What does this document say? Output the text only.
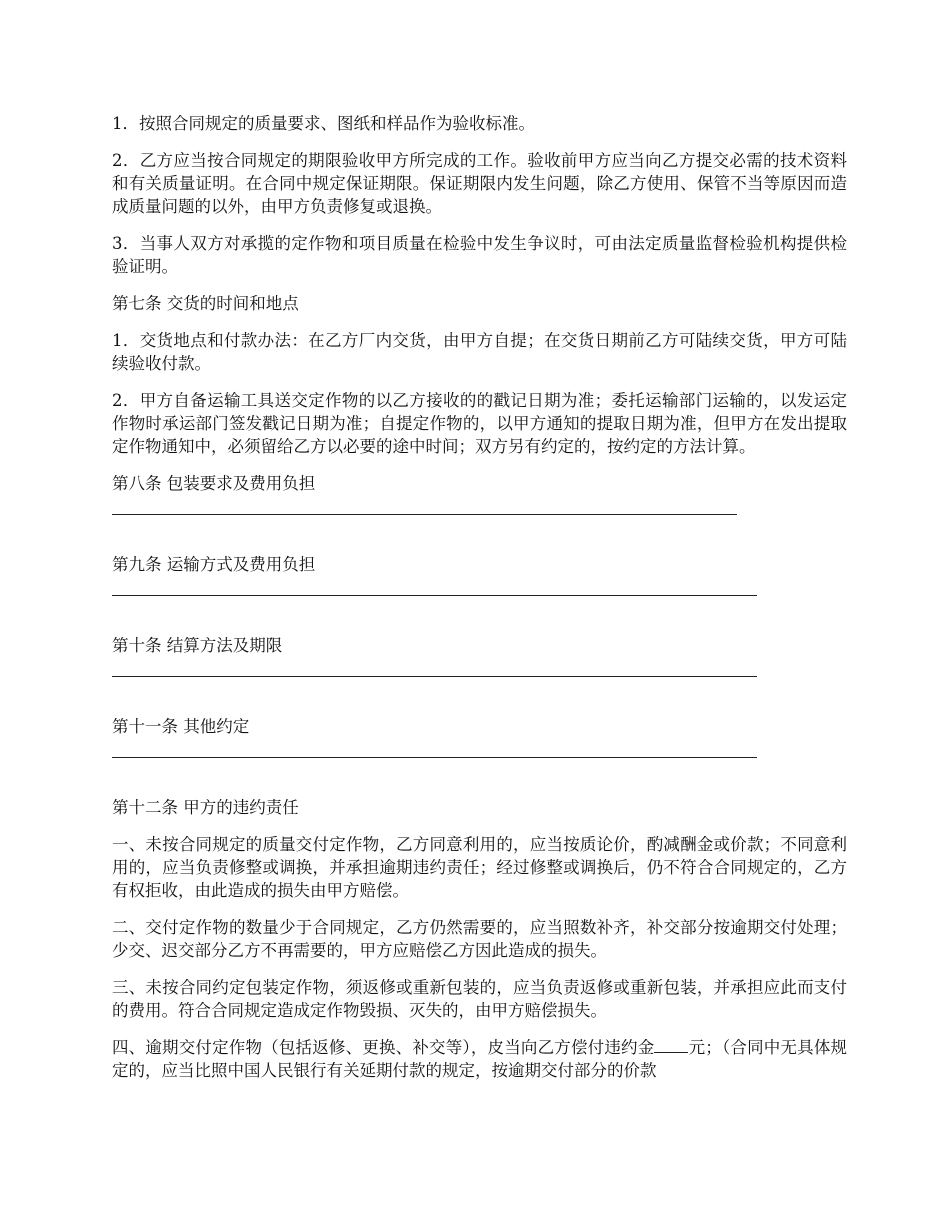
1．按照合同规定的质量要求、图纸和样品作为验收标准。

2．乙方应当按合同规定的期限验收甲方所完成的工作。验收前甲方应当向乙方提交必需的技术资料和有关质量证明。在合同中规定保证期限。保证期限内发生问题，除乙方使用、保管不当等原因而造成质量问题的以外，由甲方负责修复或退换。

3．当事人双方对承揽的定作物和项目质量在检验中发生争议时，可由法定质量监督检验机构提供检验证明。

第七条 交货的时间和地点

1．交货地点和付款办法：在乙方厂内交货，由甲方自提；在交货日期前乙方可陆续交货，甲方可陆续验收付款。

2．甲方自备运输工具送交定作物的以乙方接收的的戳记日期为准；委托运输部门运输的，以发运定作物时承运部门签发戳记日期为准；自提定作物的，以甲方通知的提取日期为准，但甲方在发出提取定作物通知中，必须留给乙方以必要的途中时间；双方另有约定的，按约定的方法计算。

第八条 包装要求及费用负担

第九条 运输方式及费用负担

第十条 结算方法及期限

第十一条 其他约定

第十二条 甲方的违约责任

一、未按合同规定的质量交付定作物，乙方同意利用的，应当按质论价，酌减酬金或价款；不同意利用的，应当负责修整或调换，并承担逾期违约责任；经过修整或调换后，仍不符合合同规定的，乙方有权拒收，由此造成的损失由甲方赔偿。

二、交付定作物的数量少于合同规定，乙方仍然需要的，应当照数补齐，补交部分按逾期交付处理；少交、迟交部分乙方不再需要的，甲方应赔偿乙方因此造成的损失。

三、未按合同约定包装定作物，须返修或重新包装的，应当负责返修或重新包装，并承担应此而支付的费用。符合合同规定造成定作物毁损、灭失的，由甲方赔偿损失。

四、逾期交付定作物（包括返修、更换、补交等），皮当向乙方偿付违约金 元；（合同中无具体规定的，应当比照中国人民银行有关延期付款的规定，按逾期交付部分的价款
